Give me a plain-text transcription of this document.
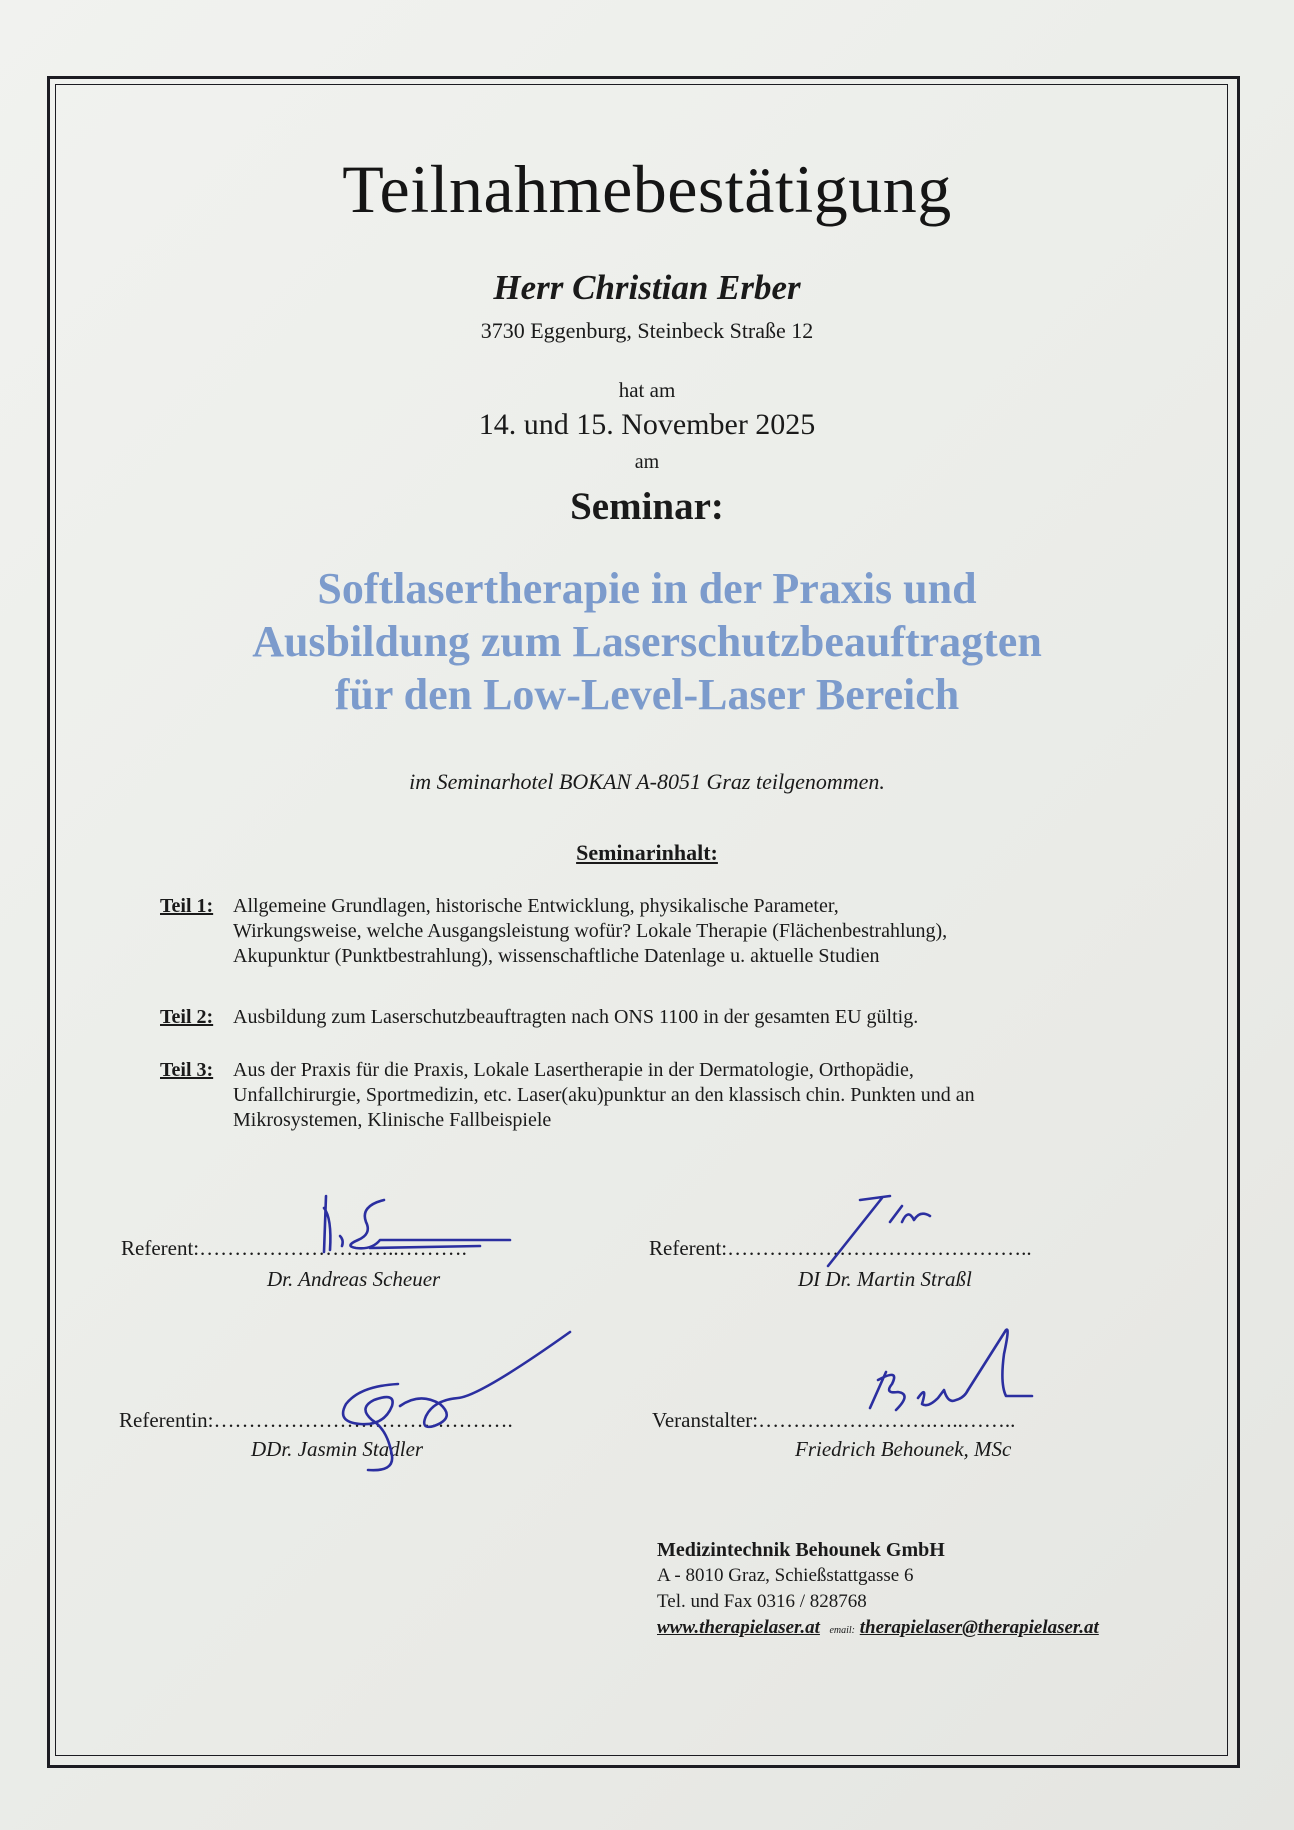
Teilnahmebestätigung
Herr Christian Erber
3730 Eggenburg, Steinbeck Straße 12
hat am
14. und 15. November 2025
am
Seminar:
Softlasertherapie in der Praxis und
Ausbildung zum Laserschutzbeauftragten
für den Low-Level-Laser Bereich
im Seminarhotel BOKAN A-8051 Graz teilgenommen.
Seminarinhalt:
Teil 1: Allgemeine Grundlagen, historische Entwicklung, physikalische Parameter,
Wirkungsweise, welche Ausgangsleistung wofür? Lokale Therapie (Flächenbestrahlung),
Akupunktur (Punktbestrahlung), wissenschaftliche Datenlage u. aktuelle Studien
Teil 2: Ausbildung zum Laserschutzbeauftragten nach ONS 1100 in der gesamten EU gültig.
Teil 3: Aus der Praxis für die Praxis, Lokale Lasertherapie in der Dermatologie, Orthopädie,
Unfallchirurgie, Sportmedizin, etc. Laser(aku)punktur an den klassisch chin. Punkten und an
Mikrosystemen, Klinische Fallbeispiele
Referent:………………………..……….
Dr. Andreas Scheuer
Referent:……………………………………..
DI Dr. Martin Straßl
Referentin:…………………………………….
DDr. Jasmin Stadler
Veranstalter:…………………….…..……..
Friedrich Behounek, MSc
Medizintechnik Behounek GmbH
A - 8010 Graz, Schießstattgasse 6
Tel. und Fax 0316 / 828768
www.therapielaser.at email: therapielaser@therapielaser.at
